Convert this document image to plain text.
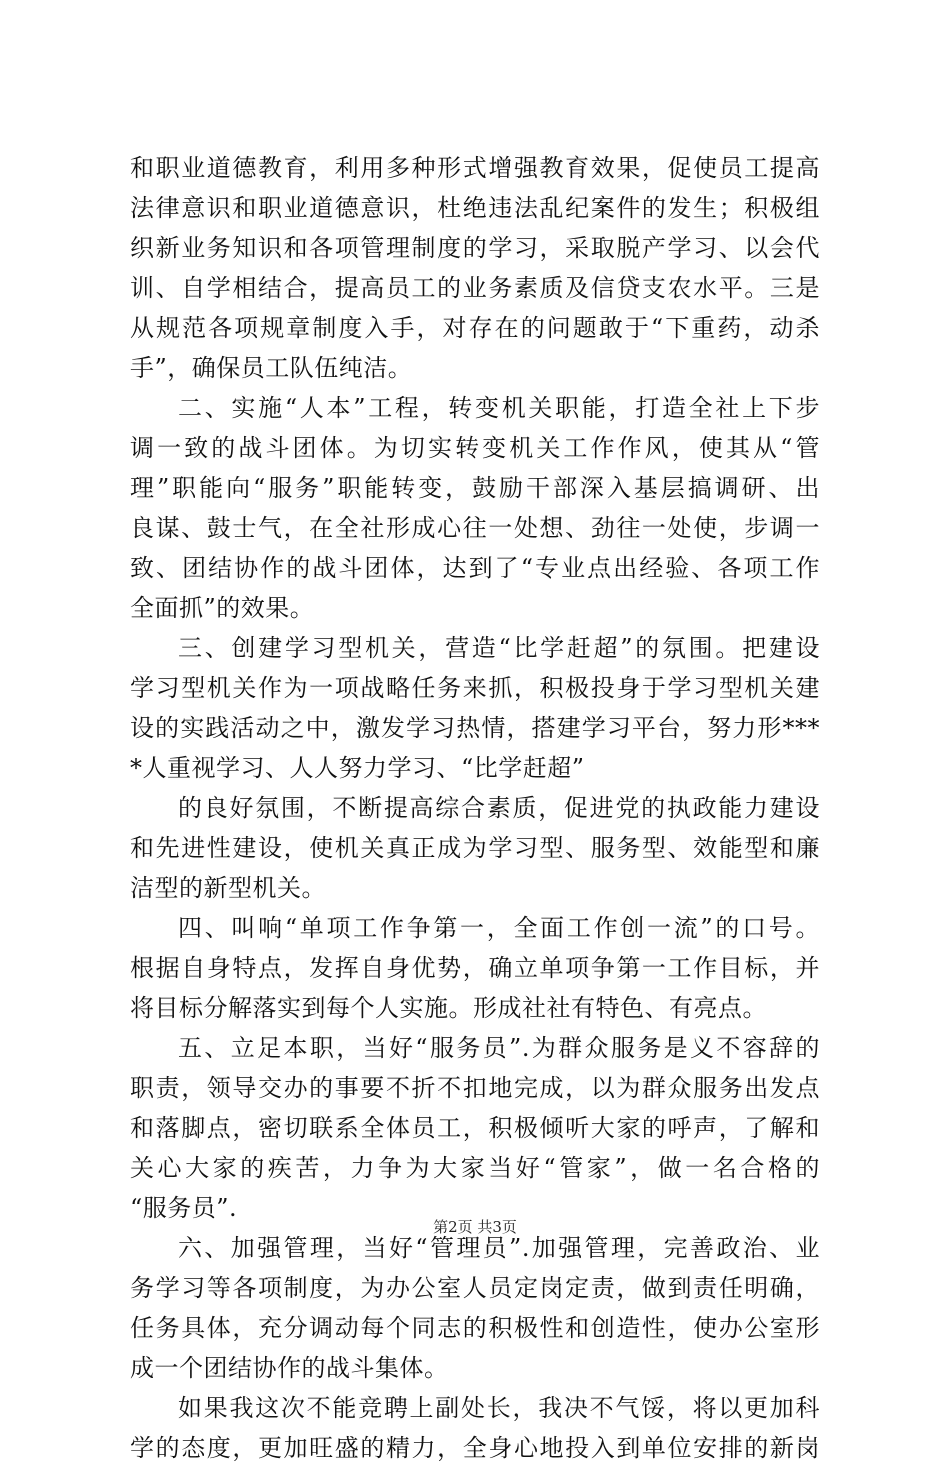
和职业道德教育，利用多种形式增强教育效果，促使员工提高
法律意识和职业道德意识，杜绝违法乱纪案件的发生；积极组
织新业务知识和各项管理制度的学习，采取脱产学习、以会代
训、自学相结合，提高员工的业务素质及信贷支农水平。三是
从规范各项规章制度入手，对存在的问题敢于“下重药，动杀
手”，确保员工队伍纯洁。
二、实施“人本”工程，转变机关职能，打造全社上下步
调一致的战斗团体。为切实转变机关工作作风，使其从“管
理”职能向“服务”职能转变，鼓励干部深入基层搞调研、出
良谋、鼓士气，在全社形成心往一处想、劲往一处使，步调一
致、团结协作的战斗团体，达到了“专业点出经验、各项工作
全面抓”的效果。
三、创建学习型机关，营造“比学赶超”的氛围。把建设
学习型机关作为一项战略任务来抓，积极投身于学习型机关建
设的实践活动之中，激发学习热情，搭建学习平台，努力形***
*人重视学习、人人努力学习、“比学赶超”
的良好氛围，不断提高综合素质，促进党的执政能力建设
和先进性建设，使机关真正成为学习型、服务型、效能型和廉
洁型的新型机关。
四、叫响“单项工作争第一，全面工作创一流”的口号。
根据自身特点，发挥自身优势，确立单项争第一工作目标，并
将目标分解落实到每个人实施。形成社社有特色、有亮点。
五、立足本职，当好“服务员”.为群众服务是义不容辞的
职责，领导交办的事要不折不扣地完成，以为群众服务出发点
和落脚点，密切联系全体员工，积极倾听大家的呼声，了解和
关心大家的疾苦，力争为大家当好“管家”，做一名合格的
“服务员”.
六、加强管理，当好“管理员”.加强管理，完善政治、业
务学习等各项制度，为办公室人员定岗定责，做到责任明确，
任务具体，充分调动每个同志的积极性和创造性，使办公室形
成一个团结协作的战斗集体。
如果我这次不能竞聘上副处长，我决不气馁，将以更加科
学的态度，更加旺盛的精力，全身心地投入到单位安排的新岗
第2页 共3页
